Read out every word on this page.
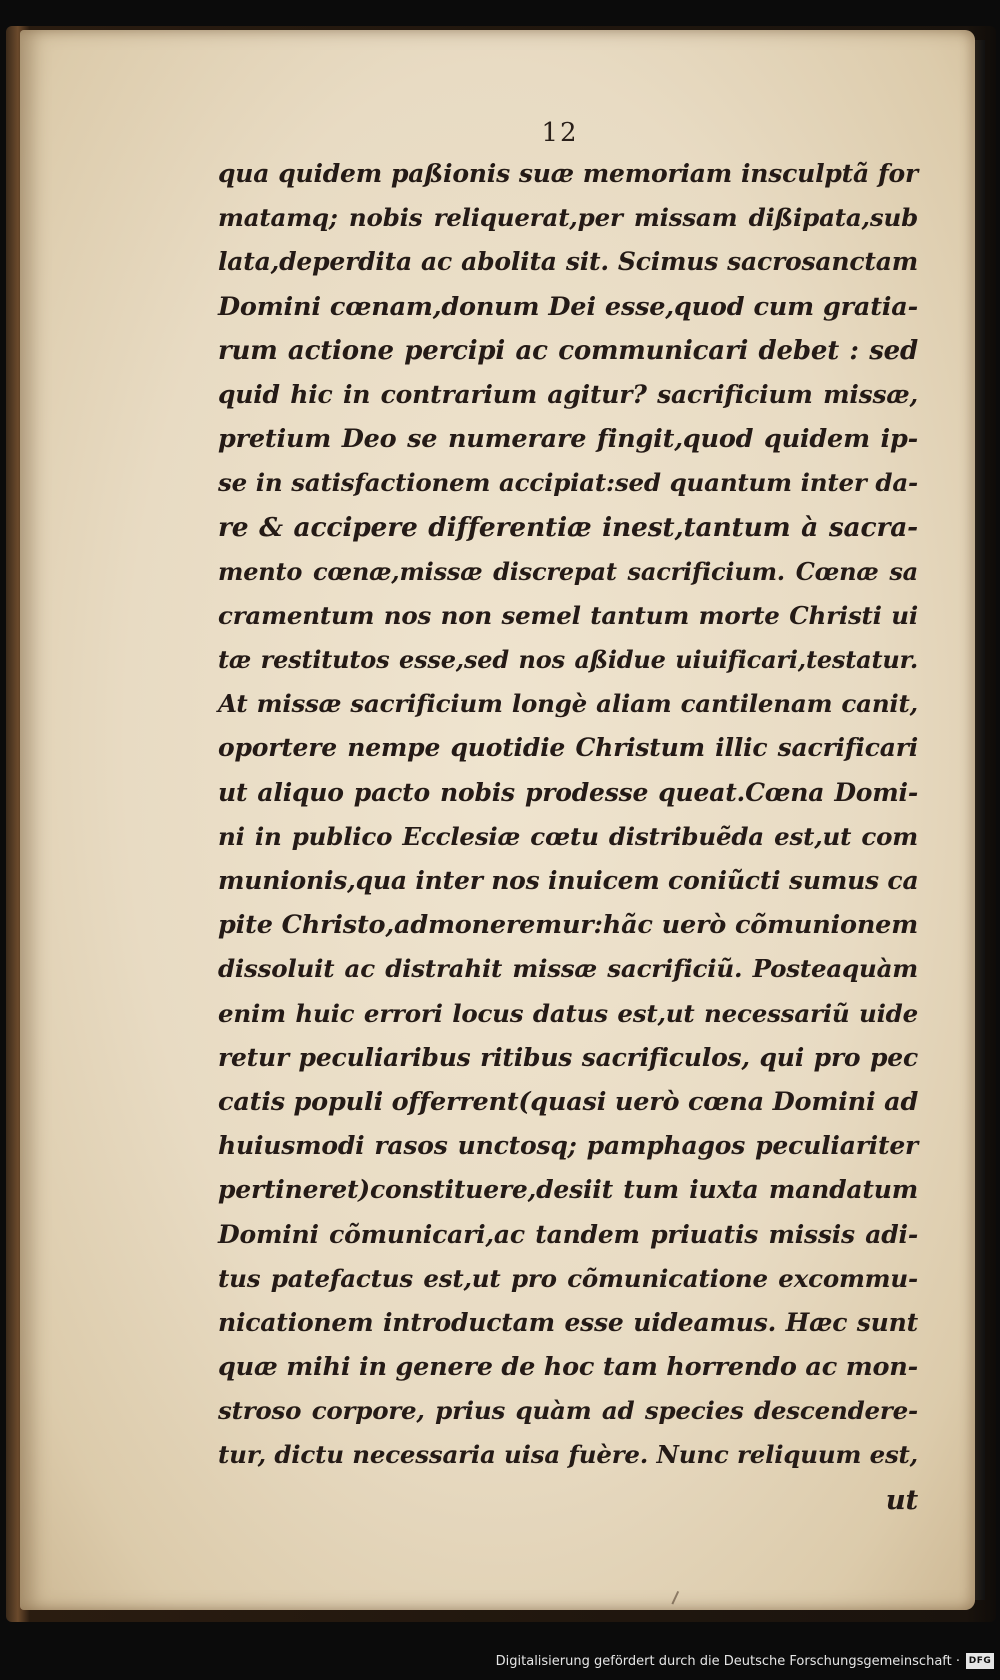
12
qua quidem paßionis suæ memoriam insculptã for
matamq; nobis reliquerat,per missam dißipata,sub
lata,deperdita ac abolita sit. Scimus sacrosanctam
Domini cœnam,donum Dei esse,quod cum gratia-
rum actione percipi ac communicari debet : sed
quid hic in contrarium agitur? sacrificium missæ,
pretium Deo se numerare fingit,quod quidem ip-
se in satisfactionem accipiat:sed quantum inter da-
re & accipere differentiæ inest,tantum à sacra-
mento cœnæ,missæ discrepat sacrificium. Cœnæ sa
cramentum nos non semel tantum morte Christi ui
tæ restitutos esse,sed nos aßidue uiuificari,testatur.
At missæ sacrificium longè aliam cantilenam canit,
oportere nempe quotidie Christum illic sacrificari
ut aliquo pacto nobis prodesse queat.Cœna Domi-
ni in publico Ecclesiæ cœtu distribuẽda est,ut com
munionis,qua inter nos inuicem coniũcti sumus ca
pite Christo,admoneremur:hãc uerò cõmunionem
dissoluit ac distrahit missæ sacrificiũ. Posteaquàm
enim huic errori locus datus est,ut necessariũ uide
retur peculiaribus ritibus sacrificulos, qui pro pec
catis populi offerrent(quasi uerò cœna Domini ad
huiusmodi rasos unctosq; pamphagos peculiariter
pertineret)constituere,desiit tum iuxta mandatum
Domini cõmunicari,ac tandem priuatis missis adi-
tus patefactus est,ut pro cõmunicatione excommu-
nicationem introductam esse uideamus. Hæc sunt
quæ mihi in genere de hoc tam horrendo ac mon-
stroso corpore, prius quàm ad species descendere-
tur, dictu necessaria uisa fuère. Nunc reliquum est,
ut
Digitalisierung gefördert durch die Deutsche Forschungsgemeinschaft · DFG
